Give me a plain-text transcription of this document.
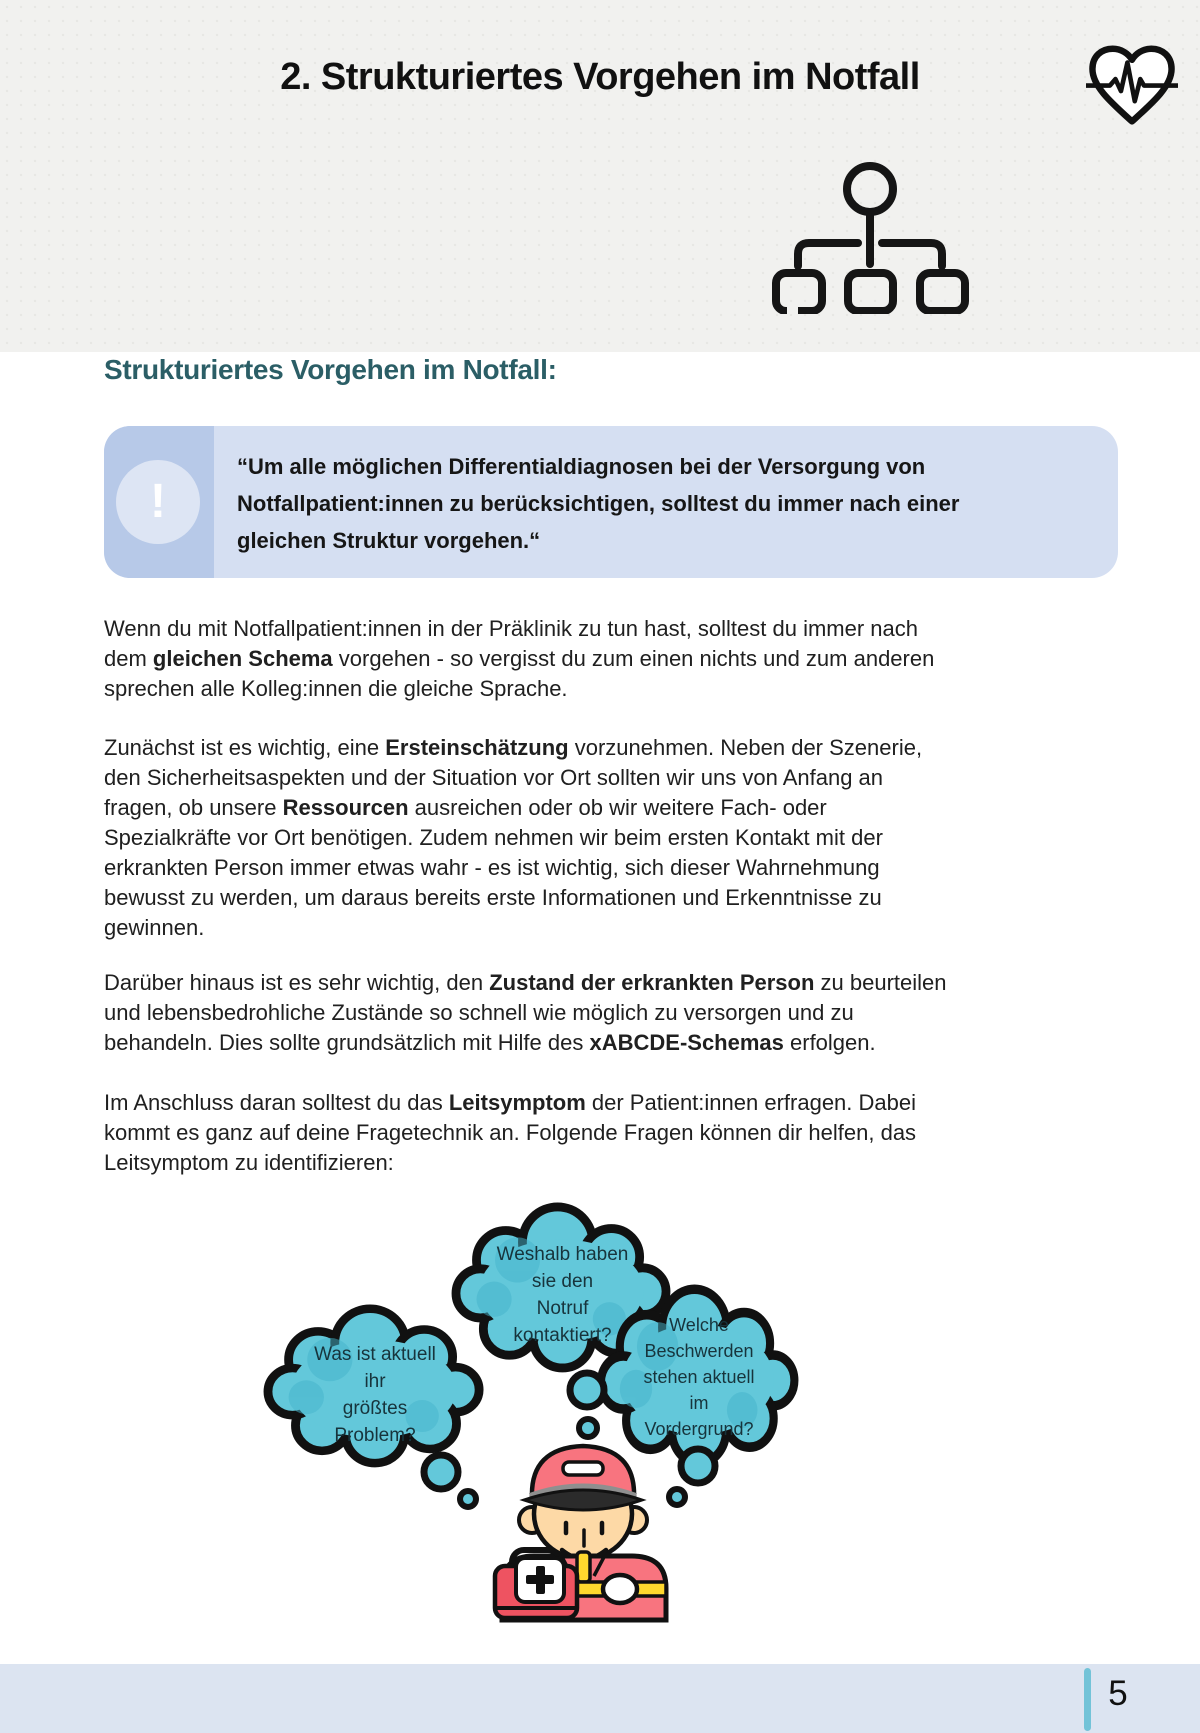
2. Strukturiertes Vorgehen im Notfall
Strukturiertes Vorgehen im Notfall:
!
“Um alle möglichen Differentialdiagnosen bei der Versorgung von
Notfallpatient:innen zu berücksichtigen, solltest du immer nach einer
gleichen Struktur vorgehen.“
Wenn du mit Notfallpatient:innen in der Präklinik zu tun hast, solltest du immer nach
dem gleichen Schema vorgehen - so vergisst du zum einen nichts und zum anderen
sprechen alle Kolleg:innen die gleiche Sprache.
Zunächst ist es wichtig, eine Ersteinschätzung vorzunehmen. Neben der Szenerie,
den Sicherheitsaspekten und der Situation vor Ort sollten wir uns von Anfang an
fragen, ob unsere Ressourcen ausreichen oder ob wir weitere Fach- oder
Spezialkräfte vor Ort benötigen. Zudem nehmen wir beim ersten Kontakt mit der
erkrankten Person immer etwas wahr - es ist wichtig, sich dieser Wahrnehmung
bewusst zu werden, um daraus bereits erste Informationen und Erkenntnisse zu
gewinnen.
Darüber hinaus ist es sehr wichtig, den Zustand der erkrankten Person zu beurteilen
und lebensbedrohliche Zustände so schnell wie möglich zu versorgen und zu
behandeln. Dies sollte grundsätzlich mit Hilfe des xABCDE-Schemas erfolgen.
Im Anschluss daran solltest du das Leitsymptom der Patient:innen erfragen. Dabei
kommt es ganz auf deine Fragetechnik an. Folgende Fragen können dir helfen, das
Leitsymptom zu identifizieren:
Was ist aktuell
ihr
größtes
Problem?
Weshalb haben
sie den
Notruf
kontaktiert?	Welche
Beschwerden
stehen aktuell
im
Vordergrund?
5
